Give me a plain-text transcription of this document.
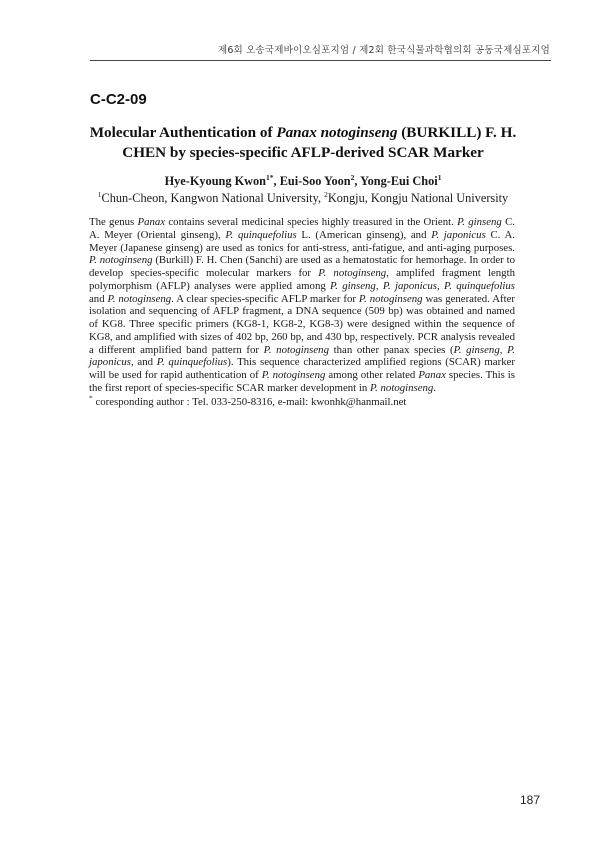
제6회 오송국제바이오심포지엄 / 제2회 한국식물과학협의회 공동국제심포지엄
C-C2-09
Molecular Authentication of Panax notoginseng (BURKILL) F. H. CHEN by species-specific AFLP-derived SCAR Marker
Hye-Kyoung Kwon$^{1*}$, Eui-Soo Yoon$^2$, Yong-Eui Choi$^1$
$^1$Chun-Cheon, Kangwon National University, $^2$Kongju, Kongju National University
The genus Panax contains several medicinal species highly treasured in the Orient. P. ginseng C. A. Meyer (Oriental ginseng), P. quinquefolius L. (American ginseng), and P. japonicus C. A. Meyer (Japanese ginseng) are used as tonics for anti-stress, anti-fatigue, and anti-aging purposes. P. notoginseng (Burkill) F. H. Chen (Sanchi) are used as a hematostatic for hemorhage. In order to develop species-specific molecular markers for P. notoginseng, amplifed fragment length polymorphism (AFLP) analyses were applied among P. ginseng, P. japonicus, P. quinquefolius and P. notoginseng. A clear species-specific AFLP marker for P. notoginseng was generated. After isolation and sequencing of AFLP fragment, a DNA sequence (509 bp) was obtained and named of KG8. Three specific primers (KG8-1, KG8-2, KG8-3) were designed within the sequence of KG8, and amplified with sizes of 402 bp, 260 bp, and 430 bp, respectively. PCR analysis revealed a different amplified band pattern for P. notoginseng than other panax species (P. ginseng, P. japonicus, and P. quinquefolius). This sequence characterized amplified regions (SCAR) marker will be used for rapid authentication of P. notoginseng among other related Panax species. This is the first report of species-specific SCAR marker development in P. notoginseng.
* coresponding author : Tel. 033-250-8316, e-mail: kwonhk@hanmail.net
187
